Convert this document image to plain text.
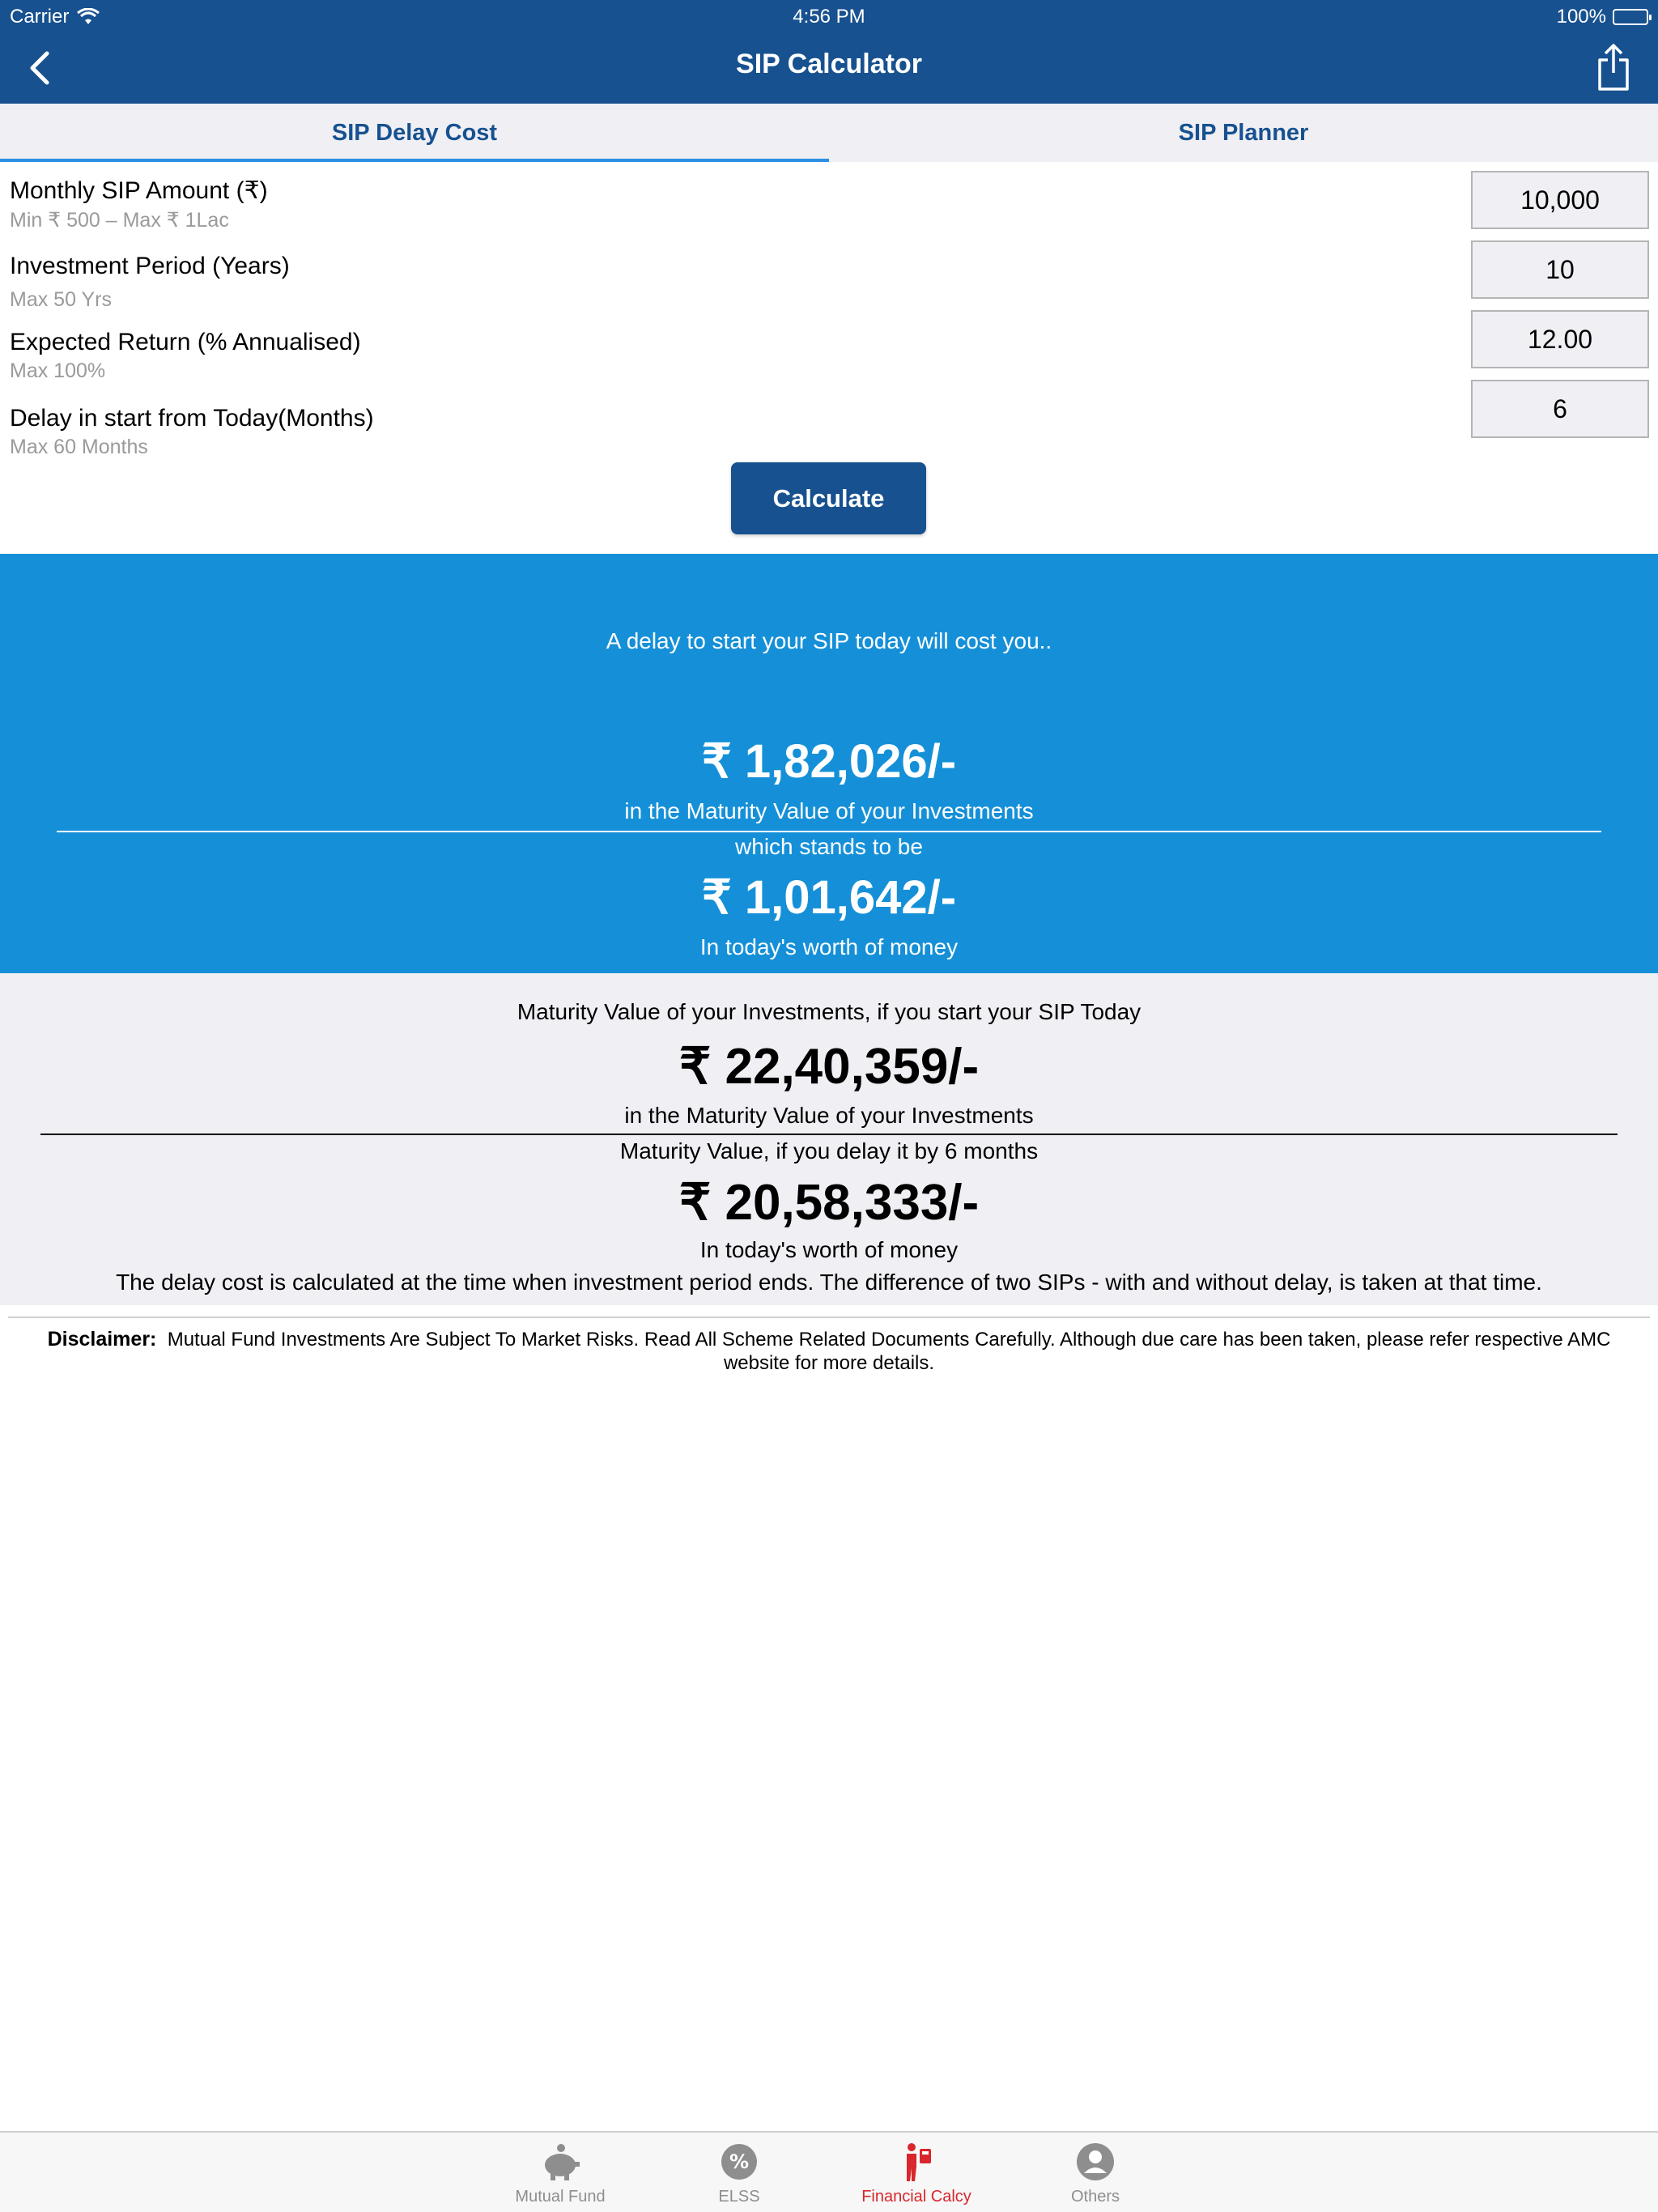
Carrier	4:56 PM	100%
SIP Calculator
SIP Delay Cost	SIP Planner
Monthly SIP Amount (₹)
Min ₹ 500 – Max ₹ 1Lac
10,000
Investment Period (Years)
Max 50 Yrs
10
Expected Return (% Annualised)
Max 100%
12.00
Delay in start from Today(Months)
Max 60 Months
6
Calculate
A delay to start your SIP today will cost you..
₹ 1,82,026/-
in the Maturity Value of your Investments
which stands to be
₹ 1,01,642/-
In today's worth of money
Maturity Value of your Investments, if you start your SIP Today
₹ 22,40,359/-
in the Maturity Value of your Investments
Maturity Value, if you delay it by 6 months
₹ 20,58,333/-
In today's worth of money
The delay cost is calculated at the time when investment period ends. The difference of two SIPs - with and without delay, is taken at that time.
Disclaimer: Mutual Fund Investments Are Subject To Market Risks. Read All Scheme Related Documents Carefully. Although due care has been taken, please refer respective AMC website for more details.
Mutual Fund
%
ELSS	Financial Calcy	Others
